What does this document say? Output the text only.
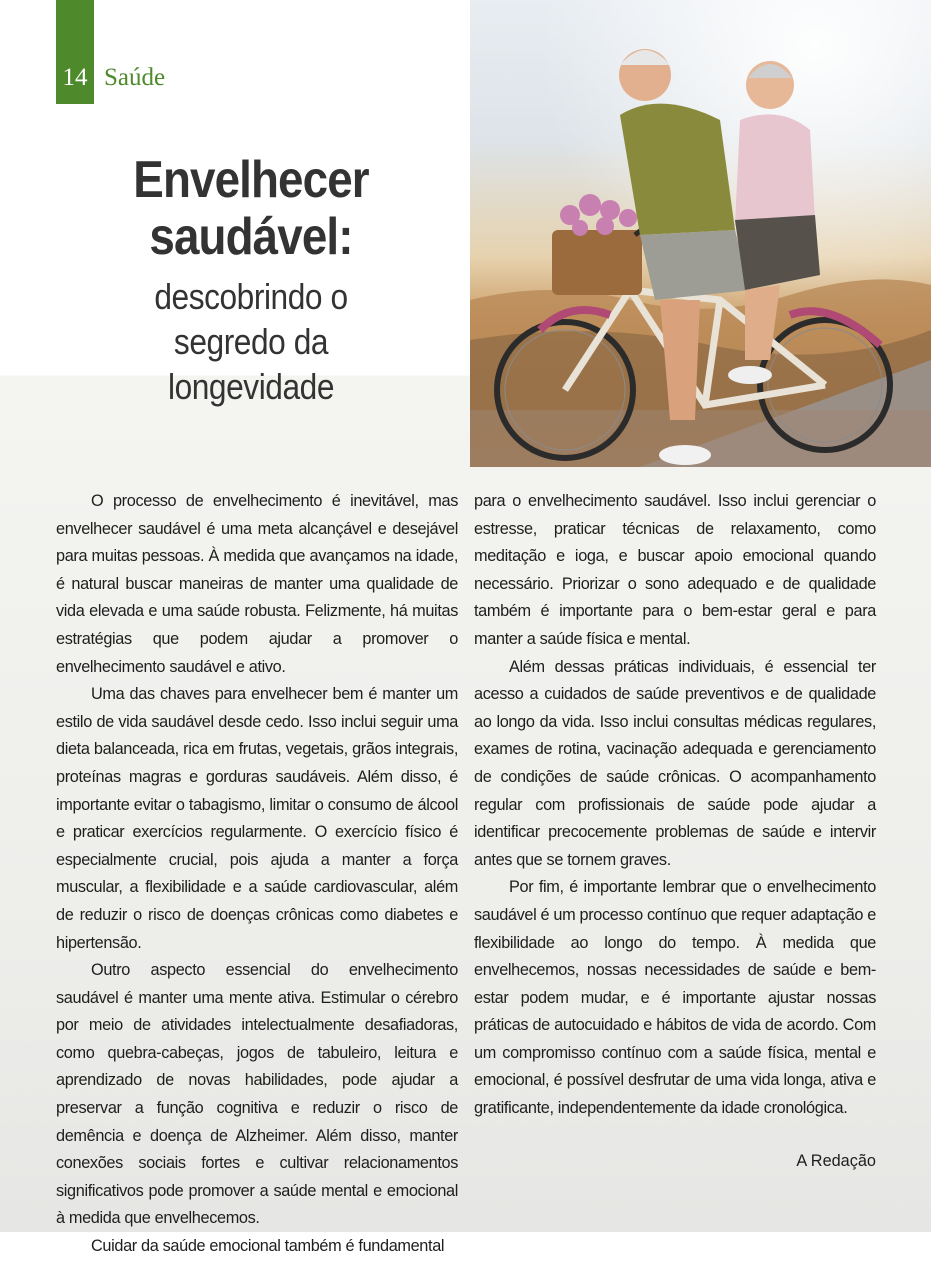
14 Saúde
Envelhecer
saudável:
descobrindo o
segredo da
longevidade

O processo de envelhecimento é inevitável, mas envelhecer saudável é uma meta alcançável e desejável para muitas pessoas. À medida que avançamos na idade, é natural buscar maneiras de manter uma qualidade de vida elevada e uma saúde robusta. Felizmente, há muitas estratégias que podem ajudar a promover o envelhecimento saudável e ativo.

Uma das chaves para envelhecer bem é manter um estilo de vida saudável desde cedo. Isso inclui seguir uma dieta balanceada, rica em frutas, vegetais, grãos integrais, proteínas magras e gorduras saudáveis. Além disso, é importante evitar o tabagismo, limitar o consumo de álcool e praticar exercícios regularmente. O exercício físico é especialmente crucial, pois ajuda a manter a força muscular, a flexibilidade e a saúde cardiovascular, além de reduzir o risco de doenças crônicas como diabetes e hipertensão.

Outro aspecto essencial do envelhecimento saudável é manter uma mente ativa. Estimular o cérebro por meio de atividades intelectualmente desafiadoras, como quebra-cabeças, jogos de tabuleiro, leitura e aprendizado de novas habilidades, pode ajudar a preservar a função cognitiva e reduzir o risco de demência e doença de Alzheimer. Além disso, manter conexões sociais fortes e cultivar relacionamentos significativos pode promover a saúde mental e emocional à medida que envelhecemos.

Cuidar da saúde emocional também é fundamental

para o envelhecimento saudável. Isso inclui gerenciar o estresse, praticar técnicas de relaxamento, como meditação e ioga, e buscar apoio emocional quando necessário. Priorizar o sono adequado e de qualidade também é importante para o bem-estar geral e para manter a saúde física e mental.

Além dessas práticas individuais, é essencial ter acesso a cuidados de saúde preventivos e de qualidade ao longo da vida. Isso inclui consultas médicas regulares, exames de rotina, vacinação adequada e gerenciamento de condições de saúde crônicas. O acompanhamento regular com profissionais de saúde pode ajudar a identificar precocemente problemas de saúde e intervir antes que se tornem graves.

Por fim, é importante lembrar que o envelhecimento saudável é um processo contínuo que requer adaptação e flexibilidade ao longo do tempo. À medida que envelhecemos, nossas necessidades de saúde e bem-estar podem mudar, e é importante ajustar nossas práticas de autocuidado e hábitos de vida de acordo. Com um compromisso contínuo com a saúde física, mental e emocional, é possível desfrutar de uma vida longa, ativa e gratificante, independentemente da idade cronológica.

A Redação
